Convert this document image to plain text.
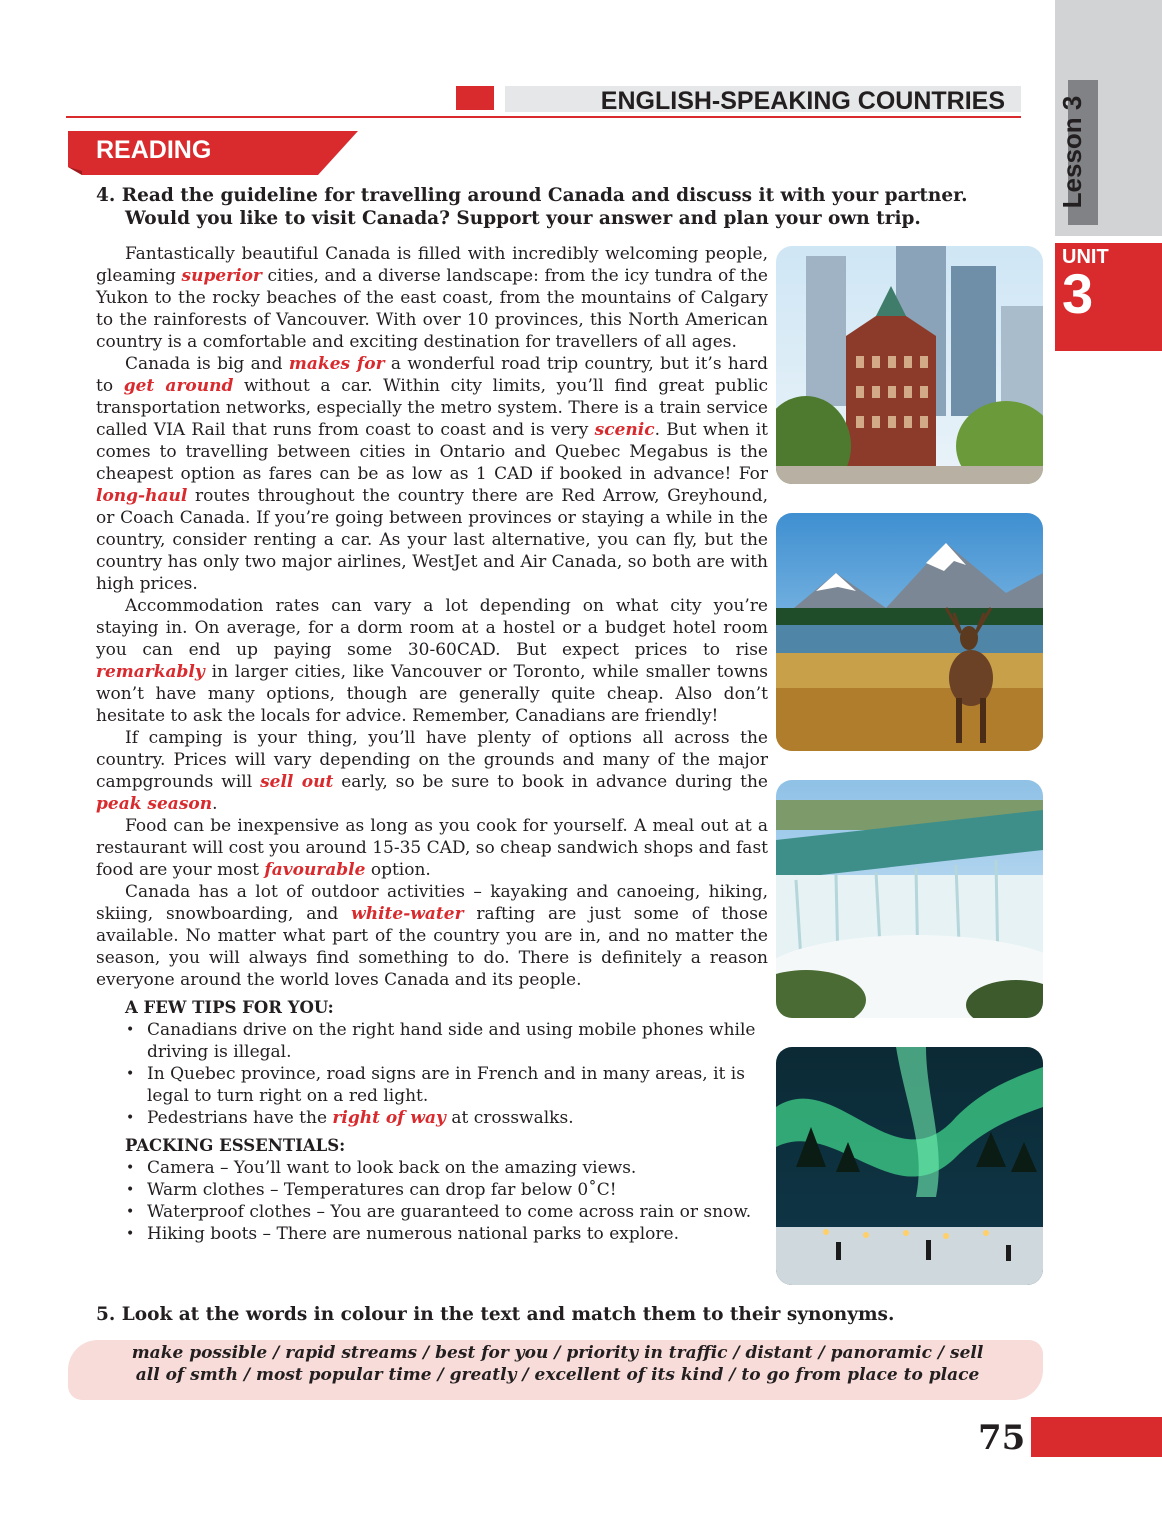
ENGLISH-SPEAKING COUNTRIES Lesson 3
UNIT
3
READING
4. Read the guideline for travelling around Canada and discuss it with your partner.
Would you like to visit Canada? Support your answer and plan your own trip.

Fantastically beautiful Canada is filled with incredibly welcoming people, gleaming superior cities, and a diverse landscape: from the icy tundra of the Yukon to the rocky beaches of the east coast, from the mountains of Calgary to the rainforests of Vancouver. With over 10 provinces, this North American country is a comfortable and exciting destination for travellers of all ages.

Canada is big and makes for a wonderful road trip country, but it’s hard to get around without a car. Within city limits, you’ll find great public transportation networks, especially the metro system. There is a train service called VIA Rail that runs from coast to coast and is very scenic. But when it comes to travelling between cities in Ontario and Quebec Megabus is the cheapest option as fares can be as low as 1 CAD if booked in advance! For long-haul routes throughout the country there are Red Arrow, Greyhound, or Coach Canada. If you’re going between provinces or staying a while in the country, consider renting a car. As your last alternative, you can fly, but the country has only two major airlines, WestJet and Air Canada, so both are with high prices.

Accommodation rates can vary a lot depending on what city you’re staying in. On average, for a dorm room at a hostel or a budget hotel room you can end up paying some 30-60CAD. But expect prices to rise remarkably in larger cities, like Vancouver or Toronto, while smaller towns won’t have many options, though are generally quite cheap. Also don’t hesitate to ask the locals for advice. Remember, Canadians are friendly!

If camping is your thing, you’ll have plenty of options all across the country. Prices will vary depending on the grounds and many of the major campgrounds will sell out early, so be sure to book in advance during the peak season.

Food can be inexpensive as long as you cook for yourself. A meal out at a restaurant will cost you around 15-35 CAD, so cheap sandwich shops and fast food are your most favourable option.

Canada has a lot of outdoor activities – kayaking and canoeing, hiking, skiing, snowboarding, and white-water rafting are just some of those available. No matter what part of the country you are in, and no matter the season, you will always find something to do. There is definitely a reason everyone around the world loves Canada and its people.

A FEW TIPS FOR YOU:
• Canadians drive on the right hand side and using mobile phones while driving is illegal.
• In Quebec province, road signs are in French and in many areas, it is legal to turn right on a red light.
• Pedestrians have the right of way at crosswalks.
PACKING ESSENTIALS:
• Camera – You’ll want to look back on the amazing views.
• Warm clothes – Temperatures can drop far below 0˚C!
• Waterproof clothes – You are guaranteed to come across rain or snow.
• Hiking boots – There are numerous national parks to explore.
5. Look at the words in colour in the text and match them to their synonyms.
make possible / rapid streams / best for you / priority in traffic / distant / panoramic / sell
all of smth / most popular time / greatly / excellent of its kind / to go from place to place
75
